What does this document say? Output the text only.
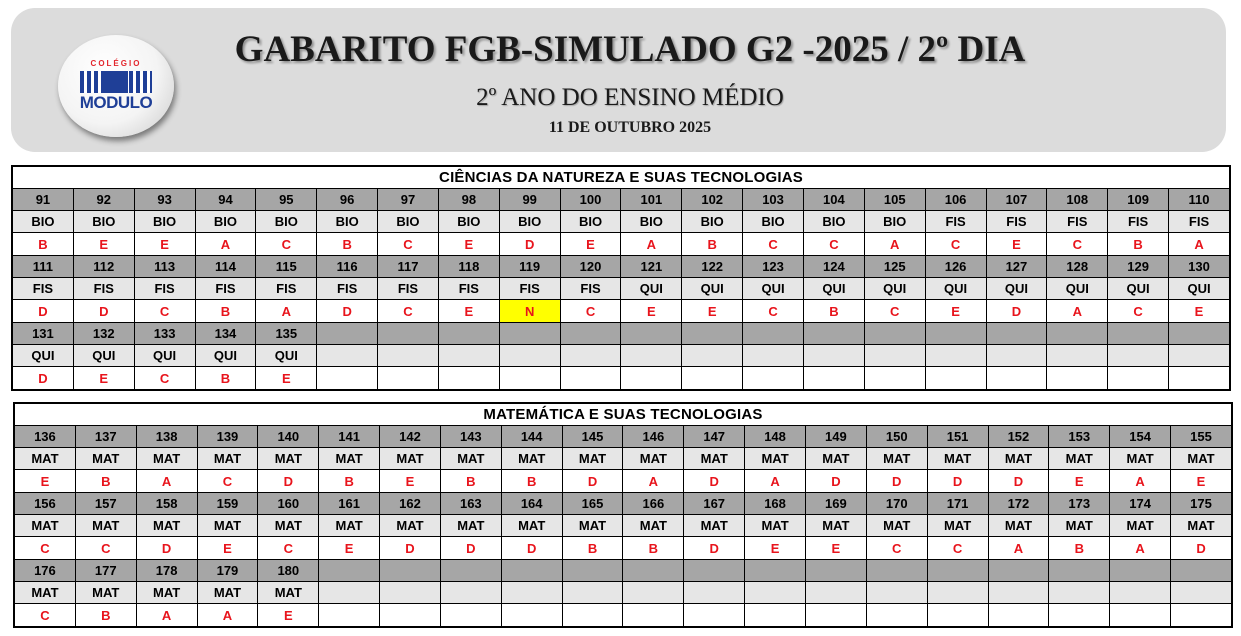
COLÉGIO
MODULO
GABARITO FGB-SIMULADO G2 -2025 / 2º DIA
2º ANO DO ENSINO MÉDIO
11 DE OUTUBRO 2025
CIÊNCIAS DA NATUREZA E SUAS TECNOLOGIAS																			
91	92	93	94	95	96	97	98	99	100	101	102	103	104	105	106	107	108	109	110
BIO	BIO	BIO	BIO	BIO	BIO	BIO	BIO	BIO	BIO	BIO	BIO	BIO	BIO	BIO	FIS	FIS	FIS	FIS	FIS
B	E	E	A	C	B	C	E	D	E	A	B	C	C	A	C	E	C	B	A
111	112	113	114	115	116	117	118	119	120	121	122	123	124	125	126	127	128	129	130
FIS	FIS	FIS	FIS	FIS	FIS	FIS	FIS	FIS	FIS	QUI	QUI	QUI	QUI	QUI	QUI	QUI	QUI	QUI	QUI
D	D	C	B	A	D	C	E	N	C	E	E	C	B	C	E	D	A	C	E
131	132	133	134	135															
QUI	QUI	QUI	QUI	QUI															
D	E	C	B	E															
MATEMÁTICA E SUAS TECNOLOGIAS																			
136	137	138	139	140	141	142	143	144	145	146	147	148	149	150	151	152	153	154	155
MAT	MAT	MAT	MAT	MAT	MAT	MAT	MAT	MAT	MAT	MAT	MAT	MAT	MAT	MAT	MAT	MAT	MAT	MAT	MAT
E	B	A	C	D	B	E	B	B	D	A	D	A	D	D	D	D	E	A	E
156	157	158	159	160	161	162	163	164	165	166	167	168	169	170	171	172	173	174	175
MAT	MAT	MAT	MAT	MAT	MAT	MAT	MAT	MAT	MAT	MAT	MAT	MAT	MAT	MAT	MAT	MAT	MAT	MAT	MAT
C	C	D	E	C	E	D	D	D	B	B	D	E	E	C	C	A	B	A	D
176	177	178	179	180															
MAT	MAT	MAT	MAT	MAT															
C	B	A	A	E															
